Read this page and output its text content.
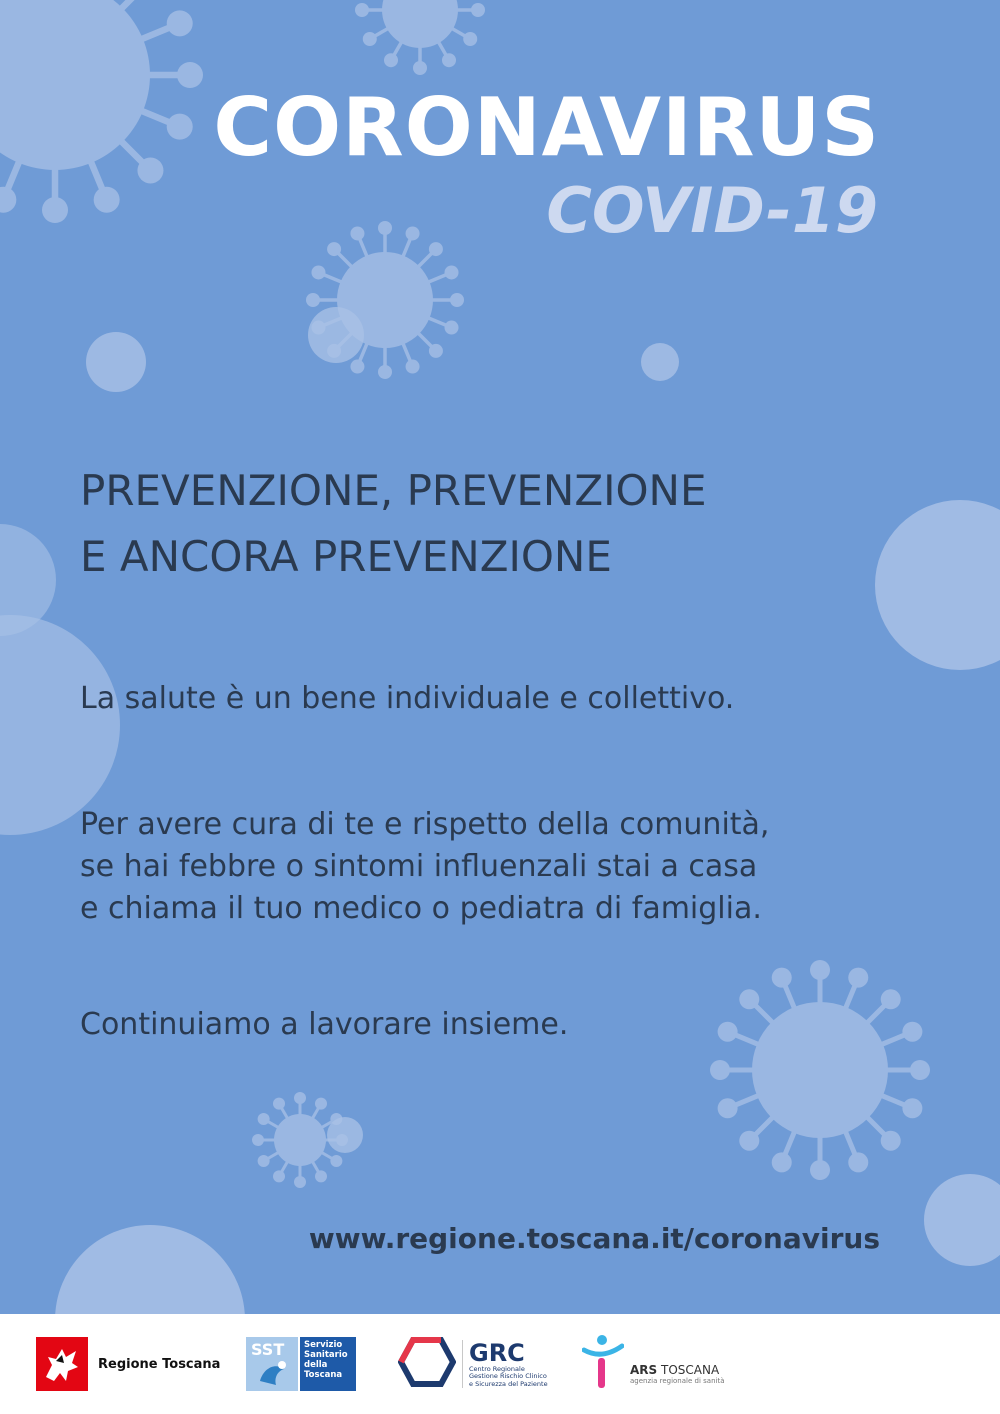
CORONAVIRUS
COVID-19
PREVENZIONE, PREVENZIONE
E ANCORA PREVENZIONE
La salute è un bene individuale e collettivo.
Per avere cura di te e rispetto della comunità,
se hai febbre o sintomi influenzali stai a casa
e chiama il tuo medico o pediatra di famiglia.
Continuiamo a lavorare insieme.
www.regione.toscana.it/coronavirus
Regione Toscana
SST Servizio
Sanitario
della
Toscana
GRC
Centro Regionale
Gestione Rischio Clinico
e Sicurezza del Paziente
ARS TOSCANA
agenzia regionale di sanità
